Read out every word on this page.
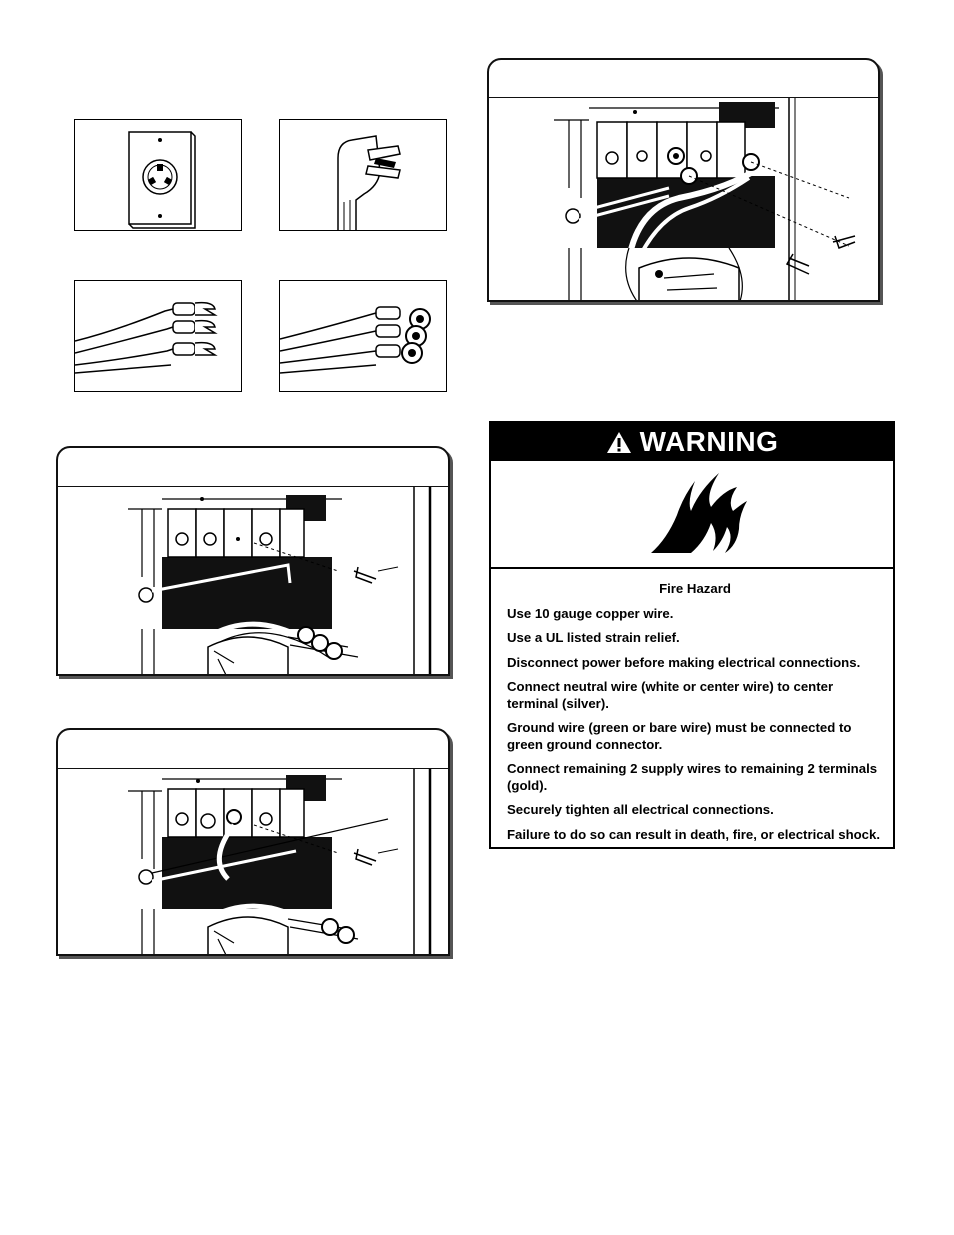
WARNING
Fire Hazard
Use 10 gauge copper wire.
Use a UL listed strain relief.
Disconnect power before making electrical connections.
Connect neutral wire (white or center wire) to center terminal (silver).
Ground wire (green or bare wire) must be connected to green ground connector.
Connect remaining 2 supply wires to remaining 2 terminals (gold).
Securely tighten all electrical connections.
Failure to do so can result in death, fire, or electrical shock.
